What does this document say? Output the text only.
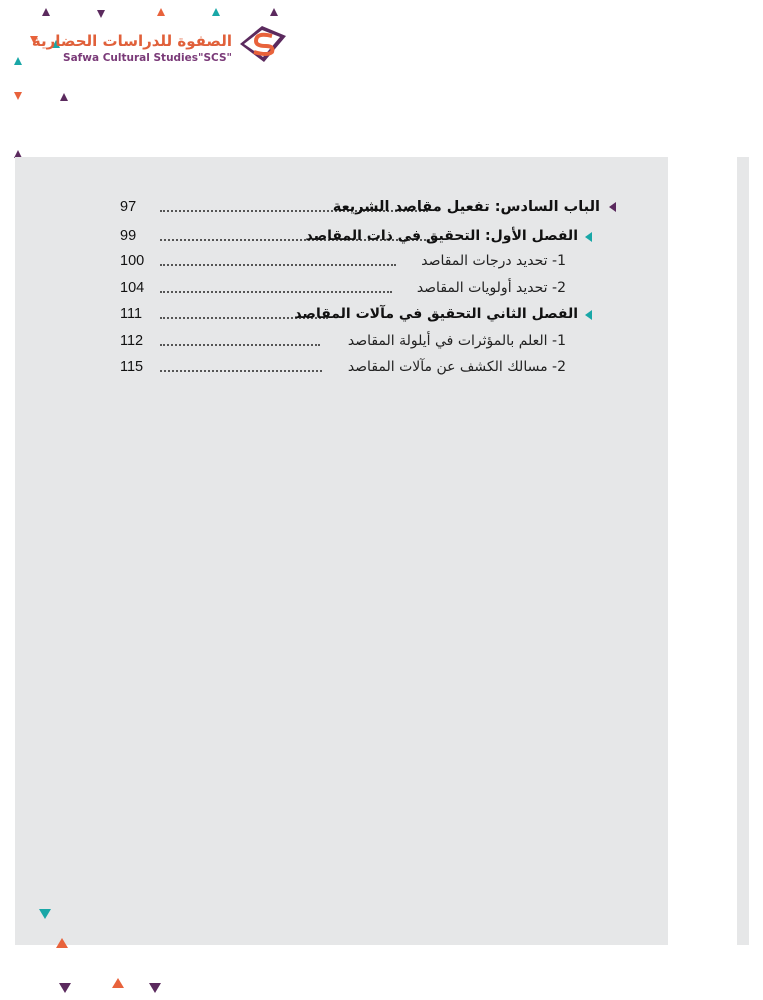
الصفوة للدراسات الحضارية
Safwa Cultural Studies"SCS"
97	الباب السادس: تفعيل مقاصد الشريعة
99	الفصل الأول: التحقيق في ذات المقاصد
100	1- تحديد درجات المقاصد
104	2- تحديد أولويات المقاصد
111	الفصل الثاني التحقيق في مآلات المقاصد
112	1- العلم بالمؤثرات في أيلولة المقاصد
115	2- مسالك الكشف عن مآلات المقاصد
